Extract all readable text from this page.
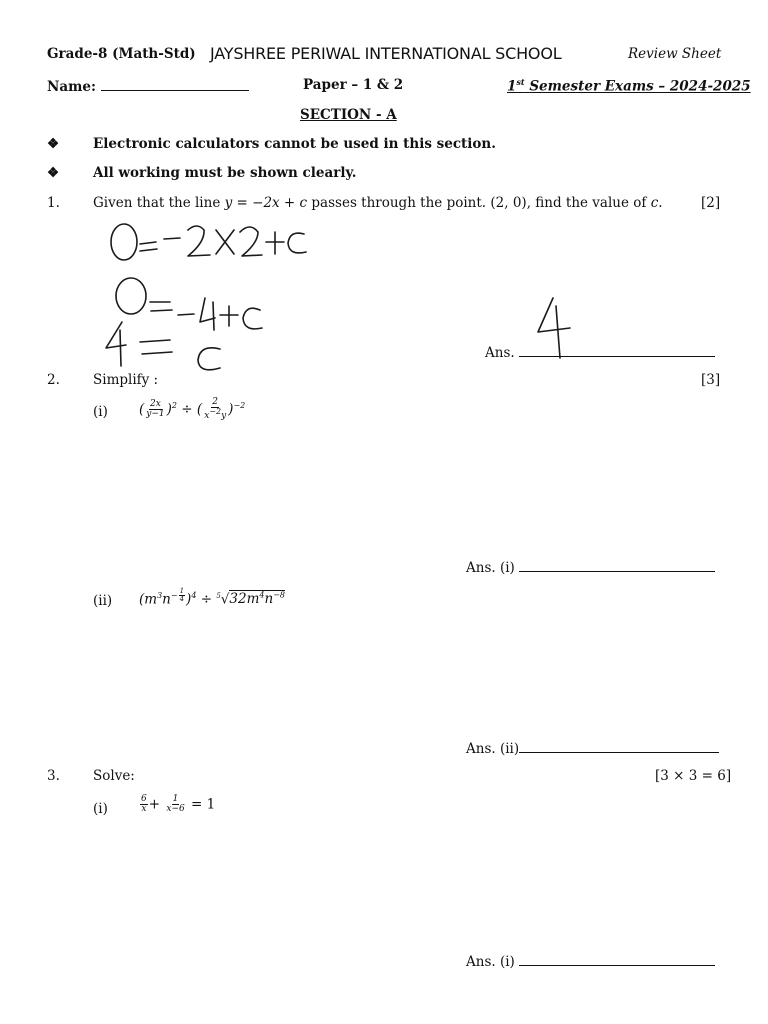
Grade-8 (Math-Std) JAYSHREE PERIWAL INTERNATIONAL SCHOOL	Review Sheet
Name:	Paper – 1 & 2	1st Semester Exams – 2024-2025
SECTION - A
❖	Electronic calculators cannot be used in this section.
❖	All working must be shown clearly.
1. Given that the line y = −2x + c passes through the point. (2, 0), find the value of c.	[2]
Ans.
2. Simplify :	[3]
(i) ( $\frac{2x}{y-1} )^2$ ÷ ( $\frac{2}{x^{-2}y} )^{-2}$
Ans. (i)
(ii) ($m^3n^{- \frac{1}{4}}$ )$^4 \div ^5√32m^4n^{-8}$
Ans. (ii)
3. Solve:	[3 × 3 = 6]
(i)	$\frac{6}{x} + \frac{1}{x-6} = 1$
Ans. (i)
